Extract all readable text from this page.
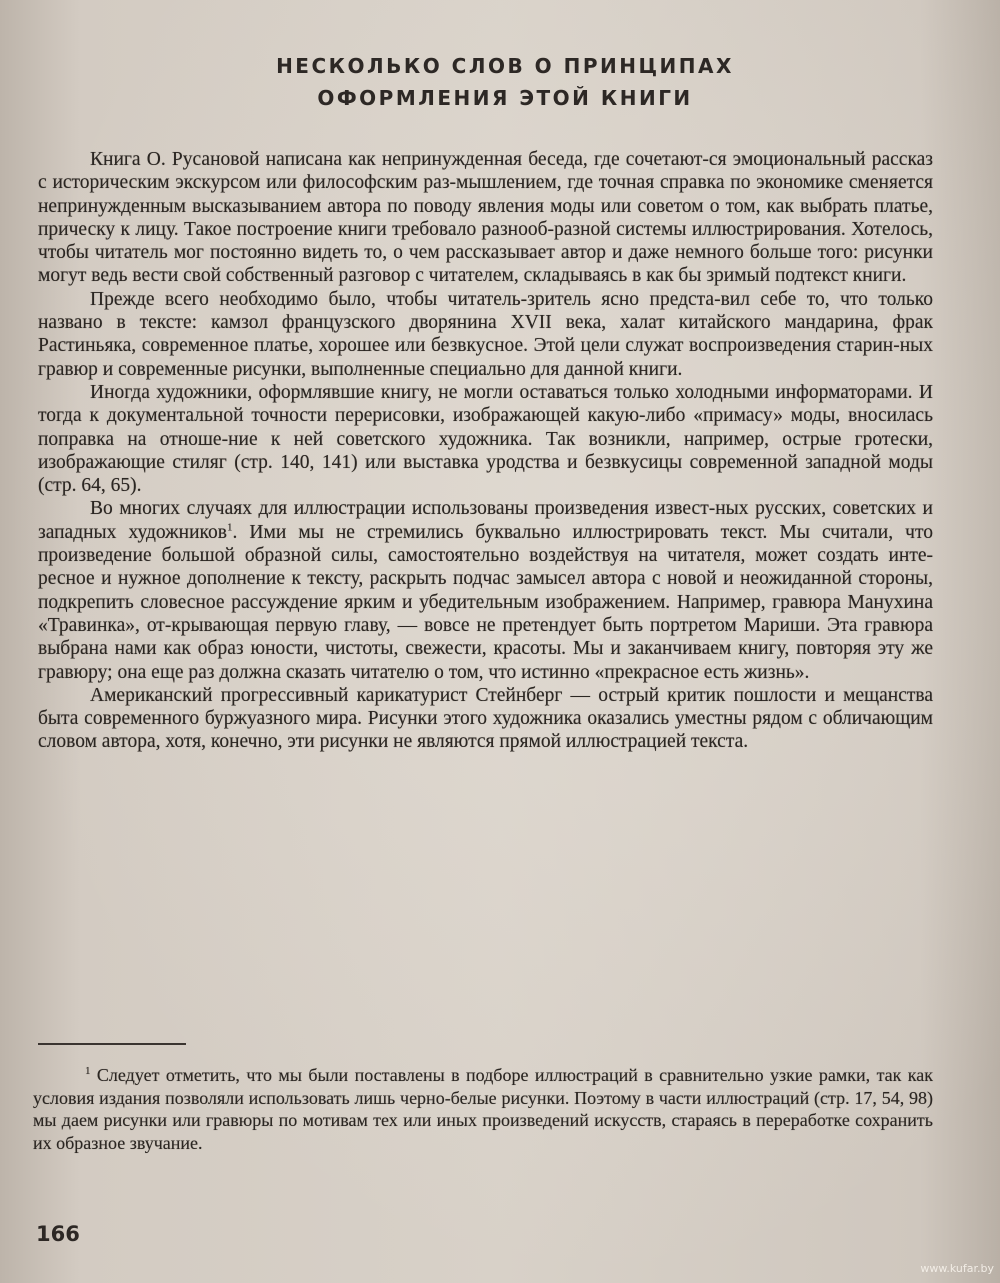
НЕСКОЛЬКО СЛОВ О ПРИНЦИПАХ
ОФОРМЛЕНИЯ ЭТОЙ КНИГИ

Книга О. Русановой написана как непринужденная беседа, где сочетают-ся эмоциональный рассказ с историческим экскурсом или философским раз-мышлением, где точная справка по экономике сменяется непринужденным высказыванием автора по поводу явления моды или советом о том, как выбрать платье, прическу к лицу. Такое построение книги требовало разнооб-разной системы иллюстрирования. Хотелось, чтобы читатель мог постоянно видеть то, о чем рассказывает автор и даже немного больше того: рисунки могут ведь вести свой собственный разговор с читателем, складываясь в как бы зримый подтекст книги.

Прежде всего необходимо было, чтобы читатель-зритель ясно предста-вил себе то, что только названо в тексте: камзол французского дворянина XVII века, халат китайского мандарина, фрак Растиньяка, современное платье, хорошее или безвкусное. Этой цели служат воспроизведения старин-ных гравюр и современные рисунки, выполненные специально для данной книги.

Иногда художники, оформлявшие книгу, не могли оставаться только холодными информаторами. И тогда к документальной точности перерисовки, изображающей какую-либо «примасу» моды, вносилась поправка на отноше-ние к ней советского художника. Так возникли, например, острые гротески, изображающие стиляг (стр. 140, 141) или выставка уродства и безвкусицы современной западной моды (стр. 64, 65).

Во многих случаях для иллюстрации использованы произведения извест-ных русских, советских и западных художников$^1$. Ими мы не стремились буквально иллюстрировать текст. Мы считали, что произведение большой образной силы, самостоятельно воздействуя на читателя, может создать инте-ресное и нужное дополнение к тексту, раскрыть подчас замысел автора с новой и неожиданной стороны, подкрепить словесное рассуждение ярким и убедительным изображением. Например, гравюра Манухина «Травинка», от-крывающая первую главу, — вовсе не претендует быть портретом Мариши. Эта гравюра выбрана нами как образ юности, чистоты, свежести, красоты. Мы и заканчиваем книгу, повторяя эту же гравюру; она еще раз должна сказать читателю о том, что истинно «прекрасное есть жизнь».

Американский прогрессивный карикатурист Стейнберг — острый критик пошлости и мещанства быта современного буржуазного мира. Рисунки этого художника оказались уместны рядом с обличающим словом автора, хотя, конечно, эти рисунки не являются прямой иллюстрацией текста.

$^1$ Следует отметить, что мы были поставлены в подборе иллюстраций в сравнительно узкие рамки, так как условия издания позволяли использовать лишь черно-белые рисунки. Поэтому в части иллюстраций (стр. 17, 54, 98) мы даем рисунки или гравюры по мотивам тех или иных произведений искусств, стараясь в переработке сохранить их образное звучание.
166
www.kufar.by
